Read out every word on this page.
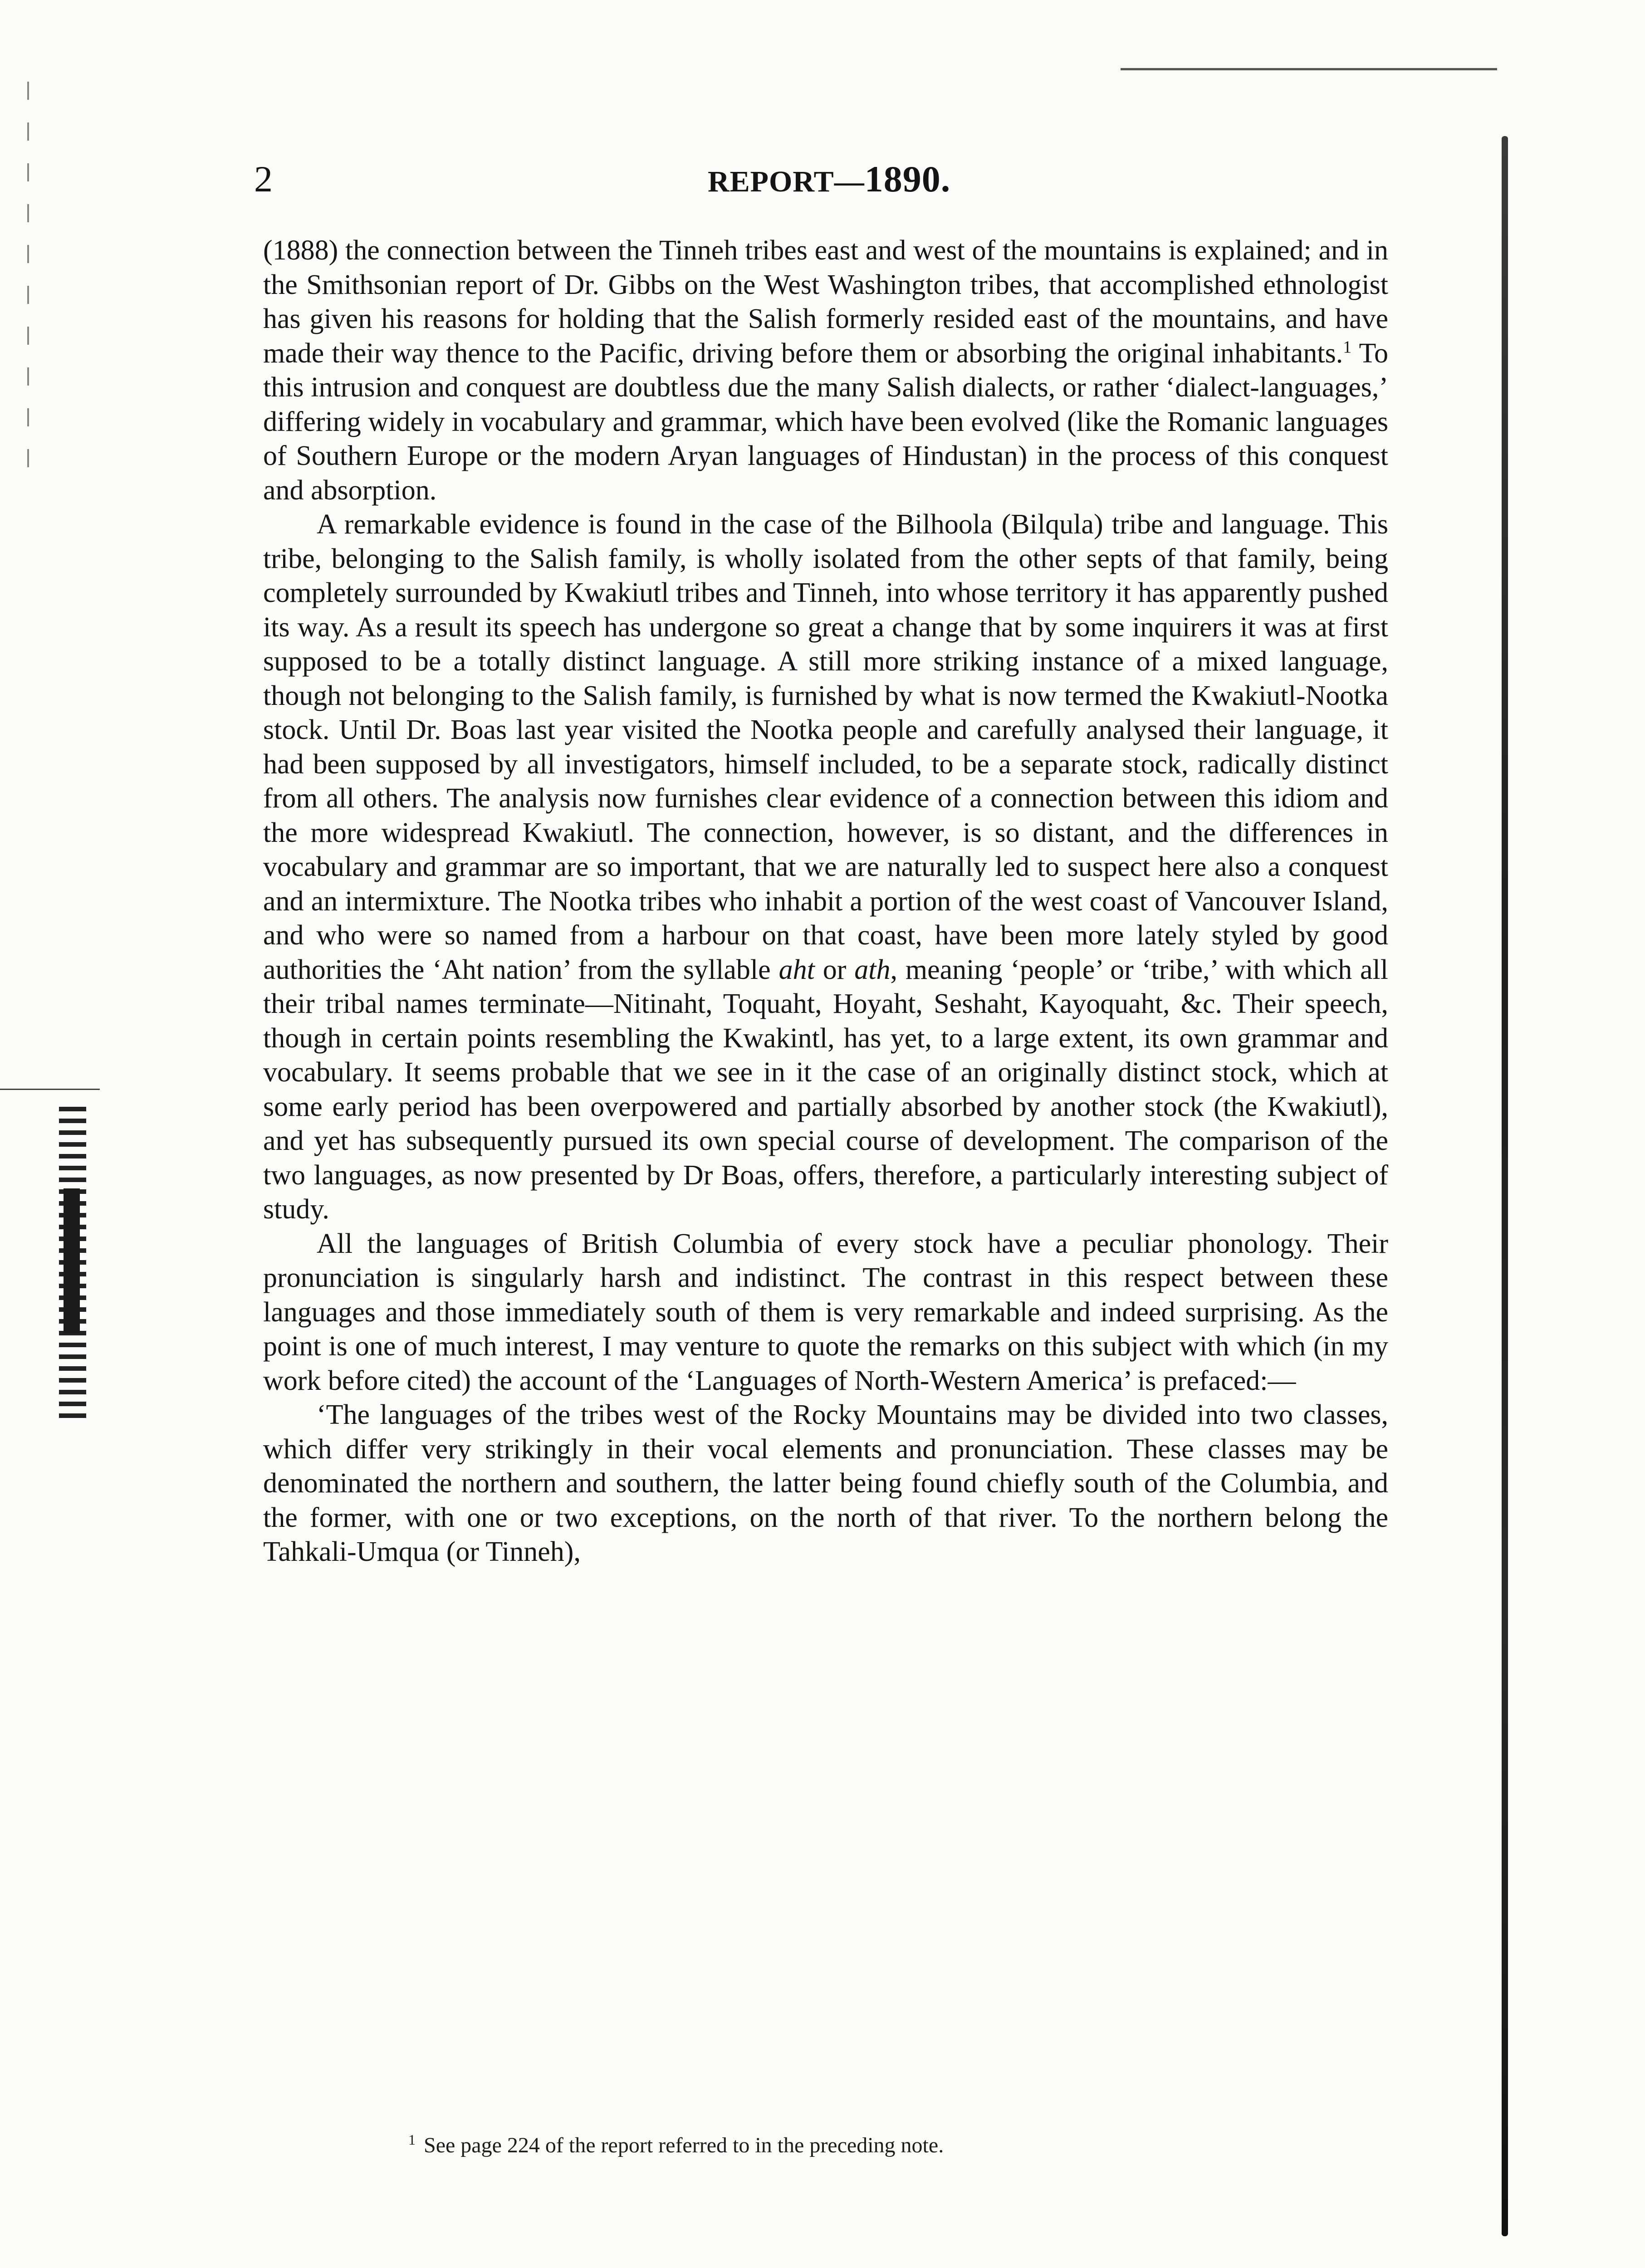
2	REPORT—1890.

(1888) the connection between the Tinneh tribes east and west of the mountains is explained; and in the Smithsonian report of Dr. Gibbs on the West Washington tribes, that accomplished ethnologist has given his reasons for holding that the Salish formerly resided east of the mountains, and have made their way thence to the Pacific, driving before them or absorbing the original inhabitants.$^1$ To this intrusion and conquest are doubtless due the many Salish dialects, or rather ‘dialect-languages,’ differing widely in vocabulary and grammar, which have been evolved (like the Romanic languages of Southern Europe or the modern Aryan languages of Hindustan) in the process of this conquest and absorption.

A remarkable evidence is found in the case of the Bilhoola (Bilqula) tribe and language. This tribe, belonging to the Salish family, is wholly isolated from the other septs of that family, being completely surrounded by Kwakiutl tribes and Tinneh, into whose territory it has apparently pushed its way. As a result its speech has undergone so great a change that by some inquirers it was at first supposed to be a totally distinct language. A still more striking instance of a mixed language, though not belonging to the Salish family, is furnished by what is now termed the Kwakiutl-Nootka stock. Until Dr. Boas last year visited the Nootka people and carefully analysed their language, it had been supposed by all investigators, himself included, to be a separate stock, radically distinct from all others. The analysis now furnishes clear evidence of a connection between this idiom and the more widespread Kwakiutl. The connection, however, is so distant, and the differences in vocabulary and grammar are so important, that we are naturally led to suspect here also a conquest and an intermixture. The Nootka tribes who inhabit a portion of the west coast of Vancouver Island, and who were so named from a harbour on that coast, have been more lately styled by good authorities the ‘Aht nation’ from the syllable aht or ath, meaning ‘people’ or ‘tribe,’ with which all their tribal names terminate—Nitinaht, Toquaht, Hoyaht, Seshaht, Kayoquaht, &c. Their speech, though in certain points resembling the Kwakintl, has yet, to a large extent, its own grammar and vocabulary. It seems probable that we see in it the case of an originally distinct stock, which at some early period has been overpowered and partially absorbed by another stock (the Kwakiutl), and yet has subsequently pursued its own special course of development. The comparison of the two languages, as now presented by Dr Boas, offers, therefore, a particularly interesting subject of study.

All the languages of British Columbia of every stock have a peculiar phonology. Their pronunciation is singularly harsh and indistinct. The contrast in this respect between these languages and those immediately south of them is very remarkable and indeed surprising. As the point is one of much interest, I may venture to quote the remarks on this subject with which (in my work before cited) the account of the ‘Languages of North-Western America’ is prefaced:—

‘The languages of the tribes west of the Rocky Mountains may be divided into two classes, which differ very strikingly in their vocal elements and pronunciation. These classes may be denominated the northern and southern, the latter being found chiefly south of the Columbia, and the former, with one or two exceptions, on the north of that river. To the northern belong the Tahkali-Umqua (or Tinneh),

$^1$ See page 224 of the report referred to in the preceding note.
